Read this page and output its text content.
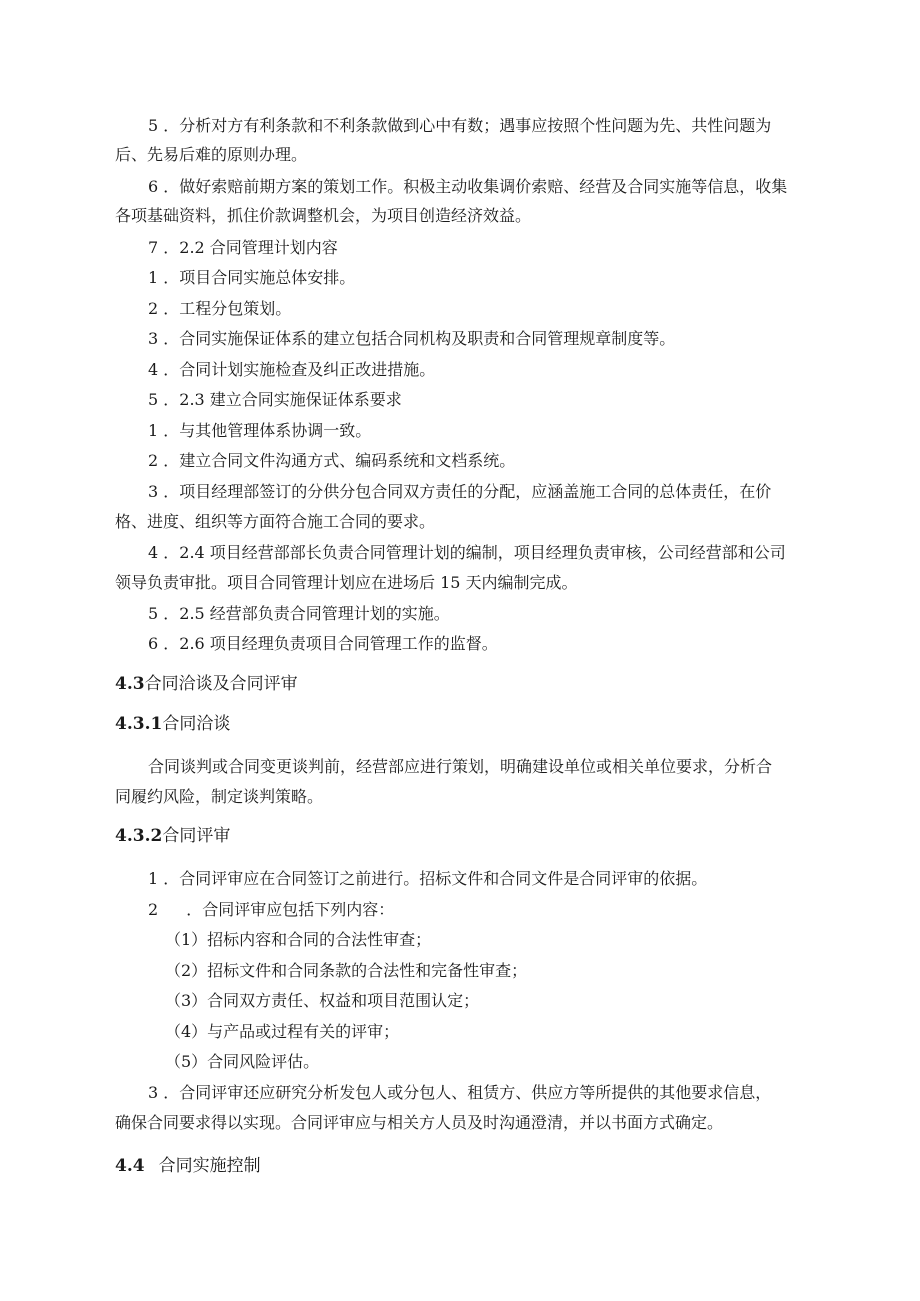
5 ．分析对方有利条款和不利条款做到心中有数；遇事应按照个性问题为先、共性问题为
后、先易后难的原则办理。
6 ．做好索赔前期方案的策划工作。积极主动收集调价索赔、经营及合同实施等信息，收集
各项基础资料，抓住价款调整机会，为项目创造经济效益。
7 ．2.2 合同管理计划内容
1 ．项目合同实施总体安排。
2 ．工程分包策划。
3 ．合同实施保证体系的建立包括合同机构及职责和合同管理规章制度等。
4 ．合同计划实施检查及纠正改进措施。
5 ．2.3 建立合同实施保证体系要求
1 ．与其他管理体系协调一致。
2 ．建立合同文件沟通方式、编码系统和文档系统。
3 ．项目经理部签订的分供分包合同双方责任的分配，应涵盖施工合同的总体责任，在价
格、进度、组织等方面符合施工合同的要求。
4 ．2.4 项目经营部部长负责合同管理计划的编制，项目经理负责审核，公司经营部和公司
领导负责审批。项目合同管理计划应在进场后 15 天内编制完成。
5 ．2.5 经营部负责合同管理计划的实施。
6 ．2.6 项目经理负责项目合同管理工作的监督。
4.3合同洽谈及合同评审
4.3.1合同洽谈
合同谈判或合同变更谈判前，经营部应进行策划，明确建设单位或相关单位要求，分析合
同履约风险，制定谈判策略。
4.3.2合同评审
1 ．合同评审应在合同签订之前进行。招标文件和合同文件是合同评审的依据。
2 ．合同评审应包括下列内容：
（1）招标内容和合同的合法性审查；
（2）招标文件和合同条款的合法性和完备性审查；
（3）合同双方责任、权益和项目范围认定；
（4）与产品或过程有关的评审；
（5）合同风险评估。
3 ．合同评审还应研究分析发包人或分包人、租赁方、供应方等所提供的其他要求信息，
确保合同要求得以实现。合同评审应与相关方人员及时沟通澄清，并以书面方式确定。
4.4 合同实施控制
